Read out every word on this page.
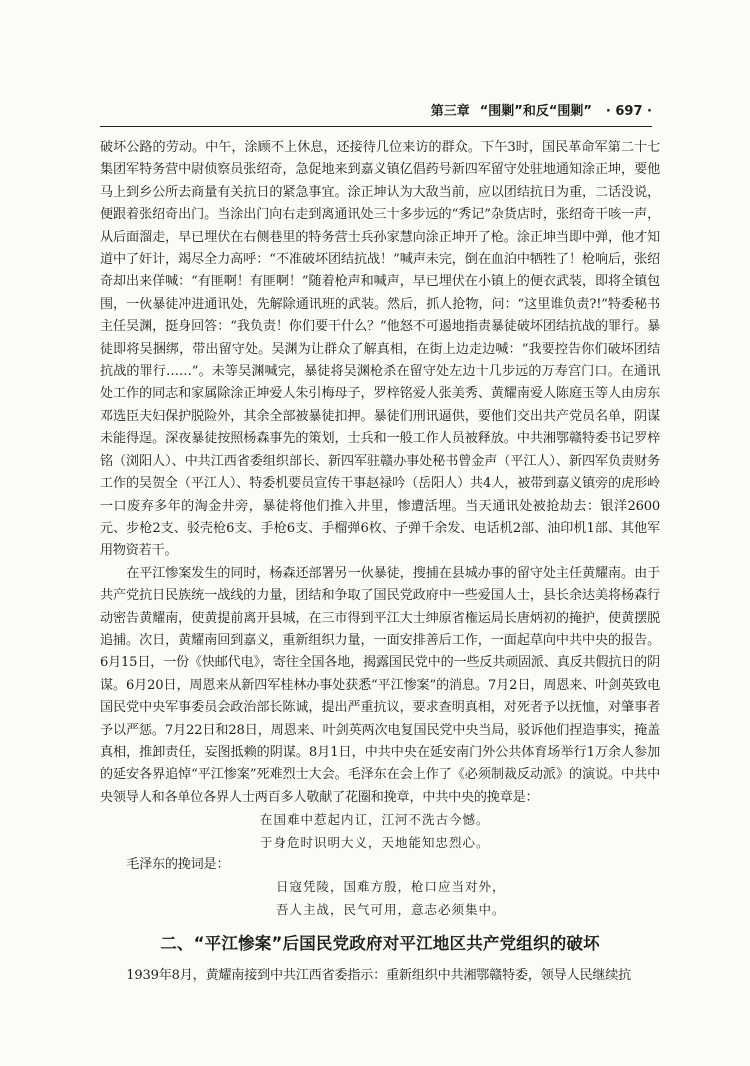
第三章 “围剿”和反“围剿” · 697 ·

破坏公路的劳动。中午，涂顾不上休息，还接待几位来访的群众。下午3时，国民革命军第二十七集团军特务营中尉侦察员张绍奇，急促地来到嘉义镇亿倡药号新四军留守处驻地通知涂正坤，要他马上到乡公所去商量有关抗日的紧急事宜。涂正坤认为大敌当前，应以团结抗日为重，二话没说，便跟着张绍奇出门。当涂出门向右走到离通讯处三十多步远的“秀记”杂货店时，张绍奇干咳一声，从后面溜走，早已埋伏在右侧巷里的特务营士兵孙家慧向涂正坤开了枪。涂正坤当即中弹，他才知道中了奸计，竭尽全力高呼：“不准破坏团结抗战！”喊声未完，倒在血泊中牺牲了！枪响后，张绍奇却出来佯喊：“有匪啊！有匪啊！”随着枪声和喊声，早已埋伏在小镇上的便衣武装，即将全镇包围，一伙暴徒冲进通讯处，先解除通讯班的武装。然后，抓人抢物，问：“这里谁负责?!”特委秘书主任吴渊，挺身回答：“我负责！你们要干什么？”他怒不可遏地指责暴徒破坏团结抗战的罪行。暴徒即将吴捆绑，带出留守处。吴渊为让群众了解真相，在街上边走边喊：“我要控告你们破坏团结抗战的罪行……”。未等吴渊喊完，暴徒将吴渊枪杀在留守处左边十几步远的万寿宫门口。在通讯处工作的同志和家属除涂正坤爱人朱引梅母子，罗梓铭爱人张美秀、黄耀南爱人陈庭玉等人由房东邓选臣夫妇保护脱险外，其余全部被暴徒扣押。暴徒们刑讯逼供，要他们交出共产党员名单，阴谋未能得逞。深夜暴徒按照杨森事先的策划，士兵和一般工作人员被释放。中共湘鄂赣特委书记罗梓铭（浏阳人）、中共江西省委组织部长、新四军驻赣办事处秘书曾金声（平江人）、新四军负责财务工作的吴贺全（平江人）、特委机要员宣传干事赵禄吟（岳阳人）共4人，被带到嘉义镇旁的虎形岭一口废弃多年的淘金井旁，暴徒将他们推入井里，惨遭活埋。当天通讯处被抢劫去：银洋2600元、步枪2支、驳壳枪6支、手枪6支、手榴弹6枚、子弹千余发、电话机2部、油印机1部、其他军用物资若干。

在平江惨案发生的同时，杨森还部署另一伙暴徒，搜捕在县城办事的留守处主任黄耀南。由于共产党抗日民族统一战线的力量，团结和争取了国民党政府中一些爱国人士，县长余达美将杨森行动密告黄耀南，使黄提前离开县城，在三市得到平江大士绅原省権运局长唐炳初的掩护，使黄摆脱追捕。次日，黄耀南回到嘉义，重新组织力量，一面安排善后工作，一面起草向中共中央的报告。6月15日，一份《快邮代电》，寄往全国各地，揭露国民党中的一些反共顽固派、真反共假抗日的阴谋。6月20日，周恩来从新四军桂林办事处获悉“平江惨案”的消息。7月2日，周恩来、叶剑英致电国民党中央军事委员会政治部长陈诚，提出严重抗议，要求查明真相，对死者予以抚恤，对肇事者予以严惩。7月22日和28日，周恩来、叶剑英两次电复国民党中央当局，驳诉他们捏造事实，掩盖真相，推卸责任，妄图抵赖的阴谋。8月1日，中共中央在延安南门外公共体育场举行1万余人参加的延安各界追悼“平江惨案”死难烈士大会。毛泽东在会上作了《必须制裁反动派》的演说。中共中央领导人和各单位各界人士两百多人敬献了花圈和挽章，中共中央的挽章是：

在国难中惹起内讧，江河不洗古今憾。

于身危时识明大义，天地能知忠烈心。

毛泽东的挽词是：

日寇凭陵，国难方殷，枪口应当对外，

吾人主战，民气可用，意志必须集中。

二、“平江惨案”后国民党政府对平江地区共产党组织的破坏

1939年8月，黄耀南接到中共江西省委指示：重新组织中共湘鄂赣特委，领导人民继续抗
